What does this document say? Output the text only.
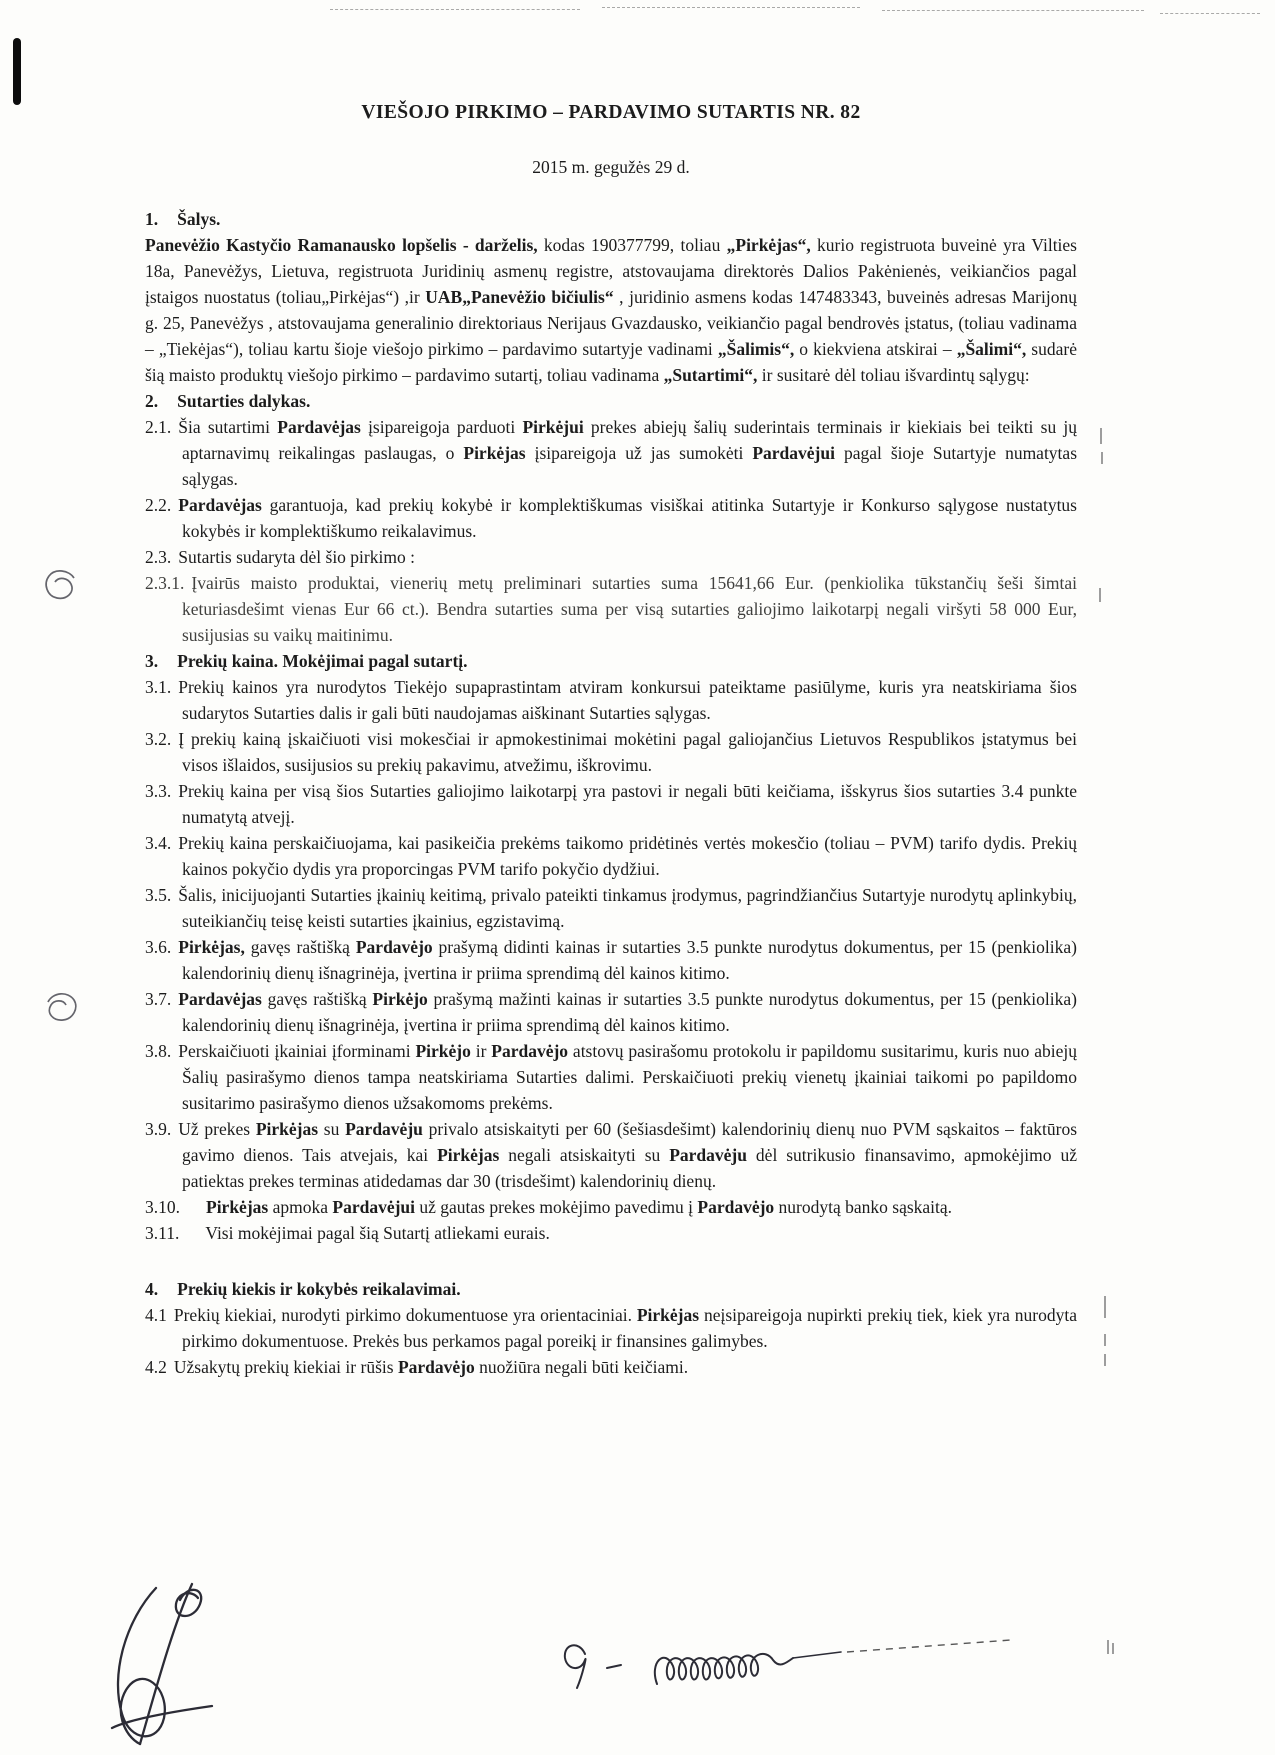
VIEŠOJO PIRKIMO – PARDAVIMO SUTARTIS NR. 82
2015 m. gegužės 29 d.
1. Šalys.
Panevėžio Kastyčio Ramanausko lopšelis - darželis, kodas 190377799, toliau „Pirkėjas“, kurio registruota buveinė yra Vilties 18a, Panevėžys, Lietuva, registruota Juridinių asmenų registre, atstovaujama direktorės Dalios Pakėnienės, veikiančios pagal įstaigos nuostatus (toliau„Pirkėjas“) ,ir UAB„Panevėžio bičiulis“ , juridinio asmens kodas 147483343, buveinės adresas Marijonų g. 25, Panevėžys , atstovaujama generalinio direktoriaus Nerijaus Gvazdausko, veikiančio pagal bendrovės įstatus, (toliau vadinama – „Tiekėjas“), toliau kartu šioje viešojo pirkimo – pardavimo sutartyje vadinami „Šalimis“, o kiekviena atskirai – „Šalimi“, sudarė šią maisto produktų viešojo pirkimo – pardavimo sutartį, toliau vadinama „Sutartimi“, ir susitarė dėl toliau išvardintų sąlygų:
2. Sutarties dalykas.
2.1. Šia sutartimi Pardavėjas įsipareigoja parduoti Pirkėjui prekes abiejų šalių suderintais terminais ir kiekiais bei teikti su jų aptarnavimų reikalingas paslaugas, o Pirkėjas įsipareigoja už jas sumokėti Pardavėjui pagal šioje Sutartyje numatytas sąlygas.
2.2. Pardavėjas garantuoja, kad prekių kokybė ir komplektiškumas visiškai atitinka Sutartyje ir Konkurso sąlygose nustatytus kokybės ir komplektiškumo reikalavimus.
2.3. Sutartis sudaryta dėl šio pirkimo :
2.3.1. Įvairūs maisto produktai, vienerių metų preliminari sutarties suma 15641,66 Eur. (penkiolika tūkstančių šeši šimtai keturiasdešimt vienas Eur 66 ct.). Bendra sutarties suma per visą sutarties galiojimo laikotarpį negali viršyti 58 000 Eur, susijusias su vaikų maitinimu.
3. Prekių kaina. Mokėjimai pagal sutartį.
3.1. Prekių kainos yra nurodytos Tiekėjo supaprastintam atviram konkursui pateiktame pasiūlyme, kuris yra neatskiriama šios sudarytos Sutarties dalis ir gali būti naudojamas aiškinant Sutarties sąlygas.
3.2. Į prekių kainą įskaičiuoti visi mokesčiai ir apmokestinimai mokėtini pagal galiojančius Lietuvos Respublikos įstatymus bei visos išlaidos, susijusios su prekių pakavimu, atvežimu, iškrovimu.
3.3. Prekių kaina per visą šios Sutarties galiojimo laikotarpį yra pastovi ir negali būti keičiama, išskyrus šios sutarties 3.4 punkte numatytą atvejį.
3.4. Prekių kaina perskaičiuojama, kai pasikeičia prekėms taikomo pridėtinės vertės mokesčio (toliau – PVM) tarifo dydis. Prekių kainos pokyčio dydis yra proporcingas PVM tarifo pokyčio dydžiui.
3.5. Šalis, inicijuojanti Sutarties įkainių keitimą, privalo pateikti tinkamus įrodymus, pagrindžiančius Sutartyje nurodytų aplinkybių, suteikiančių teisę keisti sutarties įkainius, egzistavimą.
3.6. Pirkėjas, gavęs raštišką Pardavėjo prašymą didinti kainas ir sutarties 3.5 punkte nurodytus dokumentus, per 15 (penkiolika) kalendorinių dienų išnagrinėja, įvertina ir priima sprendimą dėl kainos kitimo.
3.7. Pardavėjas gavęs raštišką Pirkėjo prašymą mažinti kainas ir sutarties 3.5 punkte nurodytus dokumentus, per 15 (penkiolika) kalendorinių dienų išnagrinėja, įvertina ir priima sprendimą dėl kainos kitimo.
3.8. Perskaičiuoti įkainiai įforminami Pirkėjo ir Pardavėjo atstovų pasirašomu protokolu ir papildomu susitarimu, kuris nuo abiejų Šalių pasirašymo dienos tampa neatskiriama Sutarties dalimi. Perskaičiuoti prekių vienetų įkainiai taikomi po papildomo susitarimo pasirašymo dienos užsakomoms prekėms.
3.9. Už prekes Pirkėjas su Pardavėju privalo atsiskaityti per 60 (šešiasdešimt) kalendorinių dienų nuo PVM sąskaitos – faktūros gavimo dienos. Tais atvejais, kai Pirkėjas negali atsiskaityti su Pardavėju dėl sutrikusio finansavimo, apmokėjimo už patiektas prekes terminas atidedamas dar 30 (trisdešimt) kalendorinių dienų.
3.10. Pirkėjas apmoka Pardavėjui už gautas prekes mokėjimo pavedimu į Pardavėjo nurodytą banko sąskaitą.
3.11. Visi mokėjimai pagal šią Sutartį atliekami eurais.
4. Prekių kiekis ir kokybės reikalavimai.
4.1 Prekių kiekiai, nurodyti pirkimo dokumentuose yra orientaciniai. Pirkėjas neįsipareigoja nupirkti prekių tiek, kiek yra nurodyta pirkimo dokumentuose. Prekės bus perkamos pagal poreikį ir finansines galimybes.
4.2 Užsakytų prekių kiekiai ir rūšis Pardavėjo nuožiūra negali būti keičiami.
